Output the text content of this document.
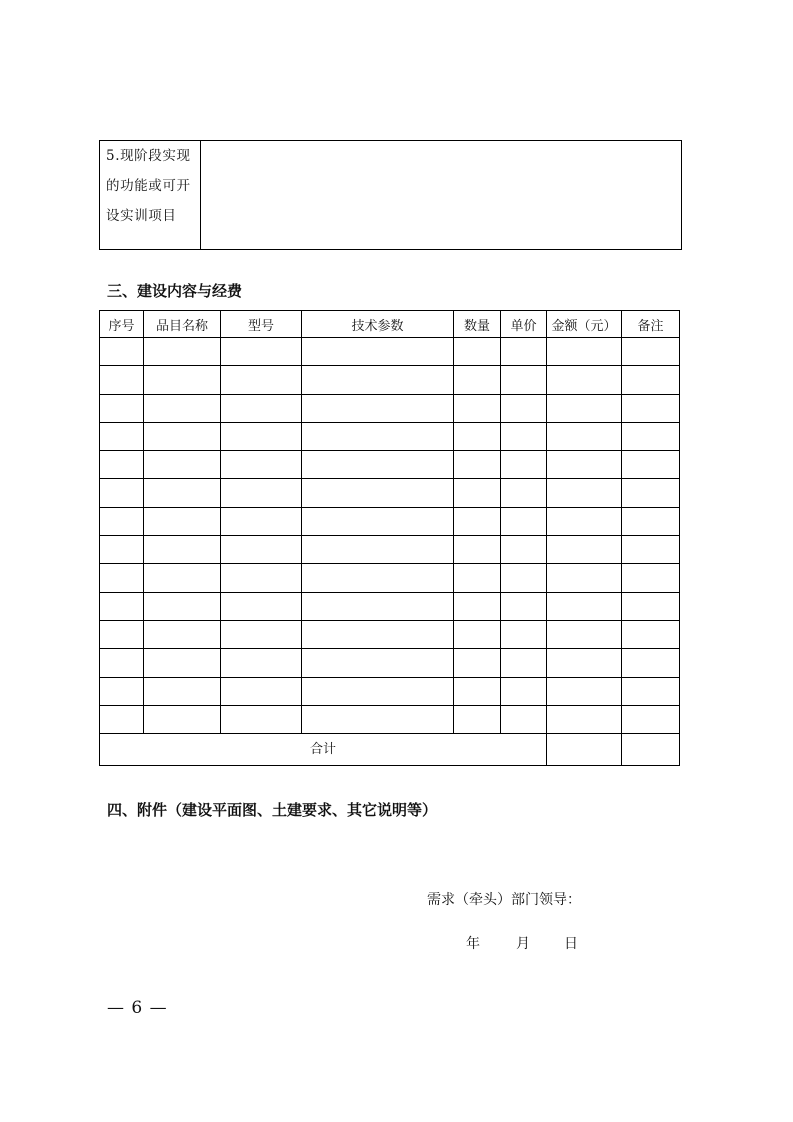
5.现阶段实现
的功能或可开
设实训项目

三、建设内容与经费
序号	品目名称	型号	技术参数	数量	单价	金额（元）	备注

合计							
四、附件（建设平面图、土建要求、其它说明等）
需求（牵头）部门领导：
年	月 日
— 6 —
